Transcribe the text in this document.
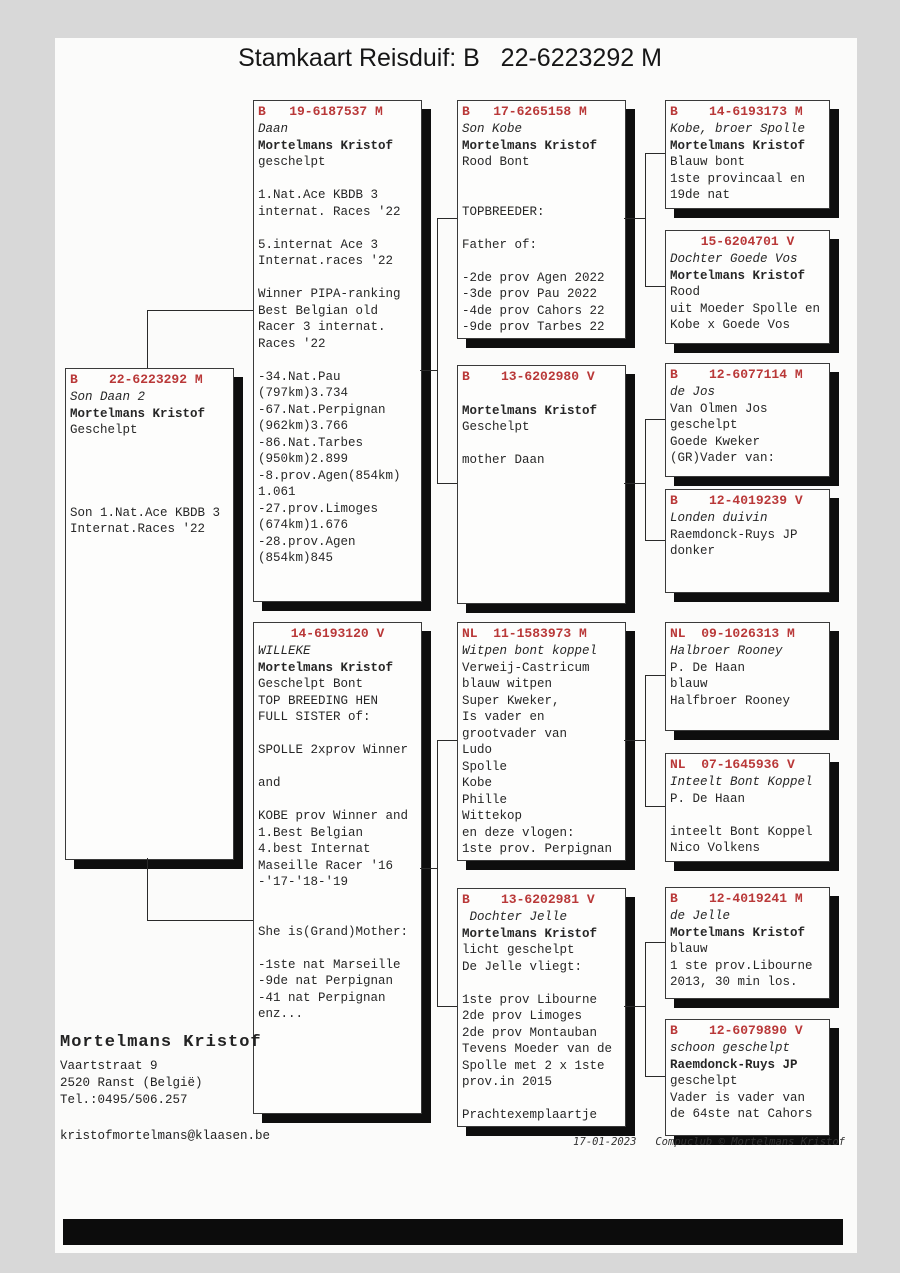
Stamkaart Reisduif: B   22-6223292 M
B    22-6223292 M
Son Daan 2
Mortelmans Kristof
Geschelpt

Son 1.Nat.Ace KBDB 3
Internat.Races '22
B   19-6187537 M
Daan
Mortelmans Kristof
geschelpt

1.Nat.Ace KBDB 3
internat. Races '22

5.internat Ace 3
Internat.races '22

Winner PIPA-ranking
Best Belgian old
Racer 3 internat.
Races '22

-34.Nat.Pau
(797km)3.734
-67.Nat.Perpignan
(962km)3.766
-86.Nat.Tarbes
(950km)2.899
-8.prov.Agen(854km)
1.061
-27.prov.Limoges
(674km)1.676
-28.prov.Agen
(854km)845
14-6193120 V
WILLEKE
Mortelmans Kristof
Geschelpt Bont
TOP BREEDING HEN
FULL SISTER of:

SPOLLE 2xprov Winner

and

KOBE prov Winner and
1.Best Belgian
4.best Internat
Maseille Racer '16
-'17-'18-'19

She is(Grand)Mother:

-1ste nat Marseille
-9de nat Perpignan
-41 nat Perpignan
enz...
B   17-6265158 M
Son Kobe
Mortelmans Kristof
Rood Bont

TOPBREEDER:

Father of:

-2de prov Agen 2022
-3de prov Pau 2022
-4de prov Cahors 22
-9de prov Tarbes 22
B    13-6202980 V

Mortelmans Kristof
Geschelpt

mother Daan
NL  11-1583973 M
Witpen bont koppel
Verweij-Castricum
blauw witpen
Super Kweker,
Is vader en
grootvader van
Ludo
Spolle
Kobe
Phille
Wittekop
en deze vlogen:
1ste prov. Perpignan
B    13-6202981 V
Dochter Jelle
Mortelmans Kristof
licht geschelpt
De Jelle vliegt:

1ste prov Libourne
2de prov Limoges
2de prov Montauban
Tevens Moeder van de
Spolle met 2 x 1ste
prov.in 2015

Prachtexemplaartje
B    14-6193173 M
Kobe, broer Spolle
Mortelmans Kristof
Blauw bont
1ste provincaal en
19de nat
15-6204701 V
Dochter Goede Vos
Mortelmans Kristof
Rood
uit Moeder Spolle en
Kobe x Goede Vos
B    12-6077114 M
de Jos
Van Olmen Jos
geschelpt
Goede Kweker
(GR)Vader van:
B    12-4019239 V
Londen duivin
Raemdonck-Ruys JP
donker
NL  09-1026313 M
Halbroer Rooney
P. De Haan
blauw
Halfbroer Rooney
NL  07-1645936 V
Inteelt Bont Koppel
P. De Haan

inteelt Bont Koppel
Nico Volkens
B    12-4019241 M
de Jelle
Mortelmans Kristof
blauw
1 ste prov.Libourne
2013, 30 min los.
B    12-6079890 V
schoon geschelpt
Raemdonck-Ruys JP
geschelpt
Vader is vader van
de 64ste nat Cahors
Mortelmans Kristof
Vaartstraat 9
2520 Ranst (België)
Tel.:0495/506.257
kristofmortelmans@klaasen.be	17-01-2023   Compuclub © Mortelmans Kristof
